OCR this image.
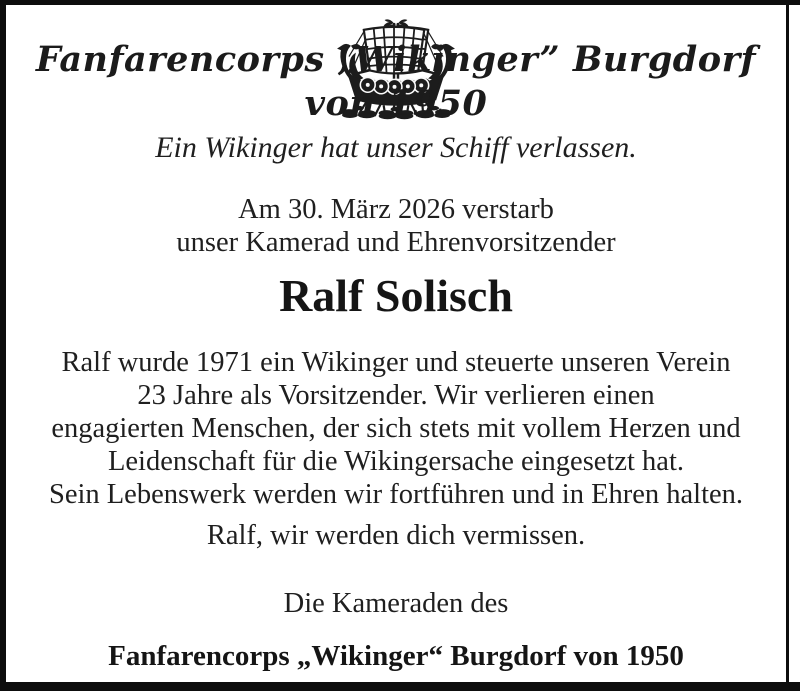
Fanfarencorps „Wikinger” Burgdorf
von 1950
Ein Wikinger hat unser Schiff verlassen.
Am 30. März 2026 verstarb
unser Kamerad und Ehrenvorsitzender
Ralf Solisch
Ralf wurde 1971 ein Wikinger und steuerte unseren Verein
23 Jahre als Vorsitzender. Wir verlieren einen
engagierten Menschen, der sich stets mit vollem Herzen und
Leidenschaft für die Wikingersache eingesetzt hat.
Sein Lebenswerk werden wir fortführen und in Ehren halten.
Ralf, wir werden dich vermissen.
Die Kameraden des
Fanfarencorps „Wikinger“ Burgdorf von 1950
